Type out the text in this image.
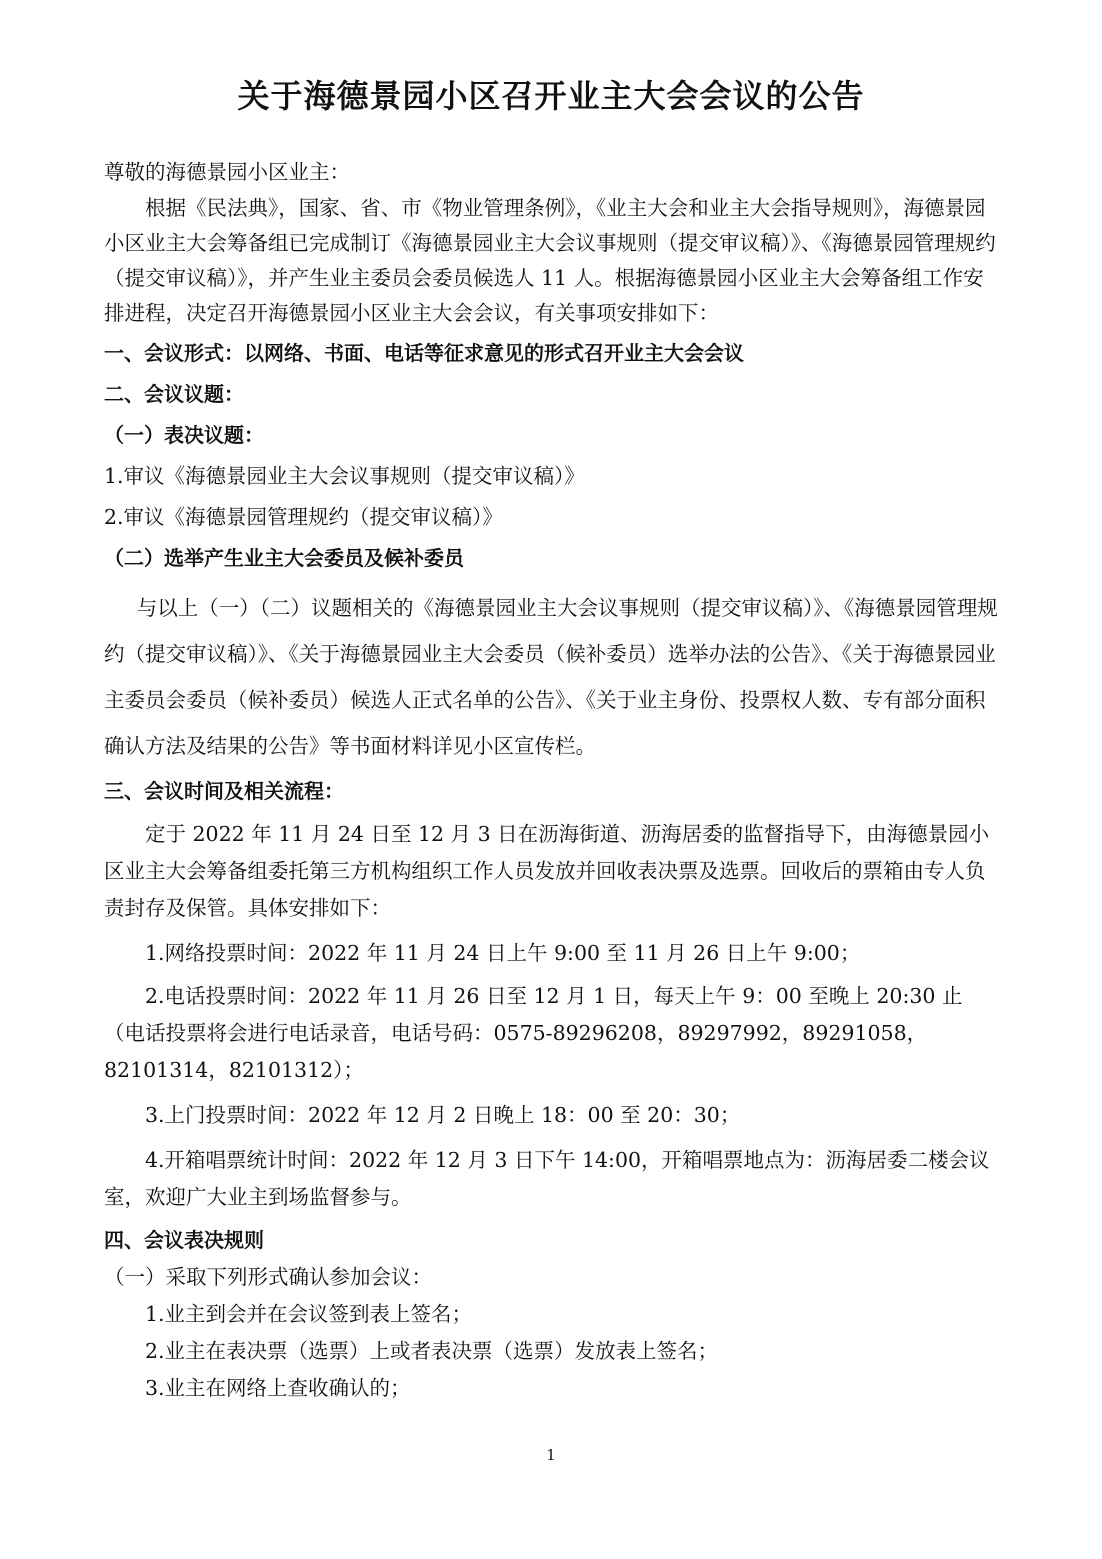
关于海德景园小区召开业主大会会议的公告

尊敬的海德景园小区业主：

根据《民法典》，国家、省、市《物业管理条例》，《业主大会和业主大会指导规则》，海德景园小区业主大会筹备组已完成制订《海德景园业主大会议事规则（提交审议稿）》、《海德景园管理规约（提交审议稿）》，并产生业主委员会委员候选人 11 人。根据海德景园小区业主大会筹备组工作安排进程，决定召开海德景园小区业主大会会议，有关事项安排如下：

一、会议形式：以网络、书面、电话等征求意见的形式召开业主大会会议

二、会议议题：

（一）表决议题：

1.审议《海德景园业主大会议事规则（提交审议稿）》

2.审议《海德景园管理规约（提交审议稿）》

（二）选举产生业主大会委员及候补委员

与以上（一）（二）议题相关的《海德景园业主大会议事规则（提交审议稿）》、《海德景园管理规约（提交审议稿）》、《关于海德景园业主大会委员（候补委员）选举办法的公告》、《关于海德景园业主委员会委员（候补委员）候选人正式名单的公告》、《关于业主身份、投票权人数、专有部分面积确认方法及结果的公告》等书面材料详见小区宣传栏。

三、会议时间及相关流程：

定于 2022 年 11 月 24 日至 12 月 3 日在沥海街道、沥海居委的监督指导下，由海德景园小区业主大会筹备组委托第三方机构组织工作人员发放并回收表决票及选票。回收后的票箱由专人负责封存及保管。具体安排如下：

1.网络投票时间：2022 年 11 月 24 日上午 9:00 至 11 月 26 日上午 9:00；

2.电话投票时间：2022 年 11 月 26 日至 12 月 1 日，每天上午 9：00 至晚上 20:30 止（电话投票将会进行电话录音，电话号码：0575-89296208，89297992，89291058，82101314，82101312）；

3.上门投票时间：2022 年 12 月 2 日晚上 18：00 至 20：30；

4.开箱唱票统计时间：2022 年 12 月 3 日下午 14:00，开箱唱票地点为：沥海居委二楼会议室，欢迎广大业主到场监督参与。

四、会议表决规则

（一）采取下列形式确认参加会议：

1.业主到会并在会议签到表上签名；

2.业主在表决票（选票）上或者表决票（选票）发放表上签名；

3.业主在网络上查收确认的；

1
